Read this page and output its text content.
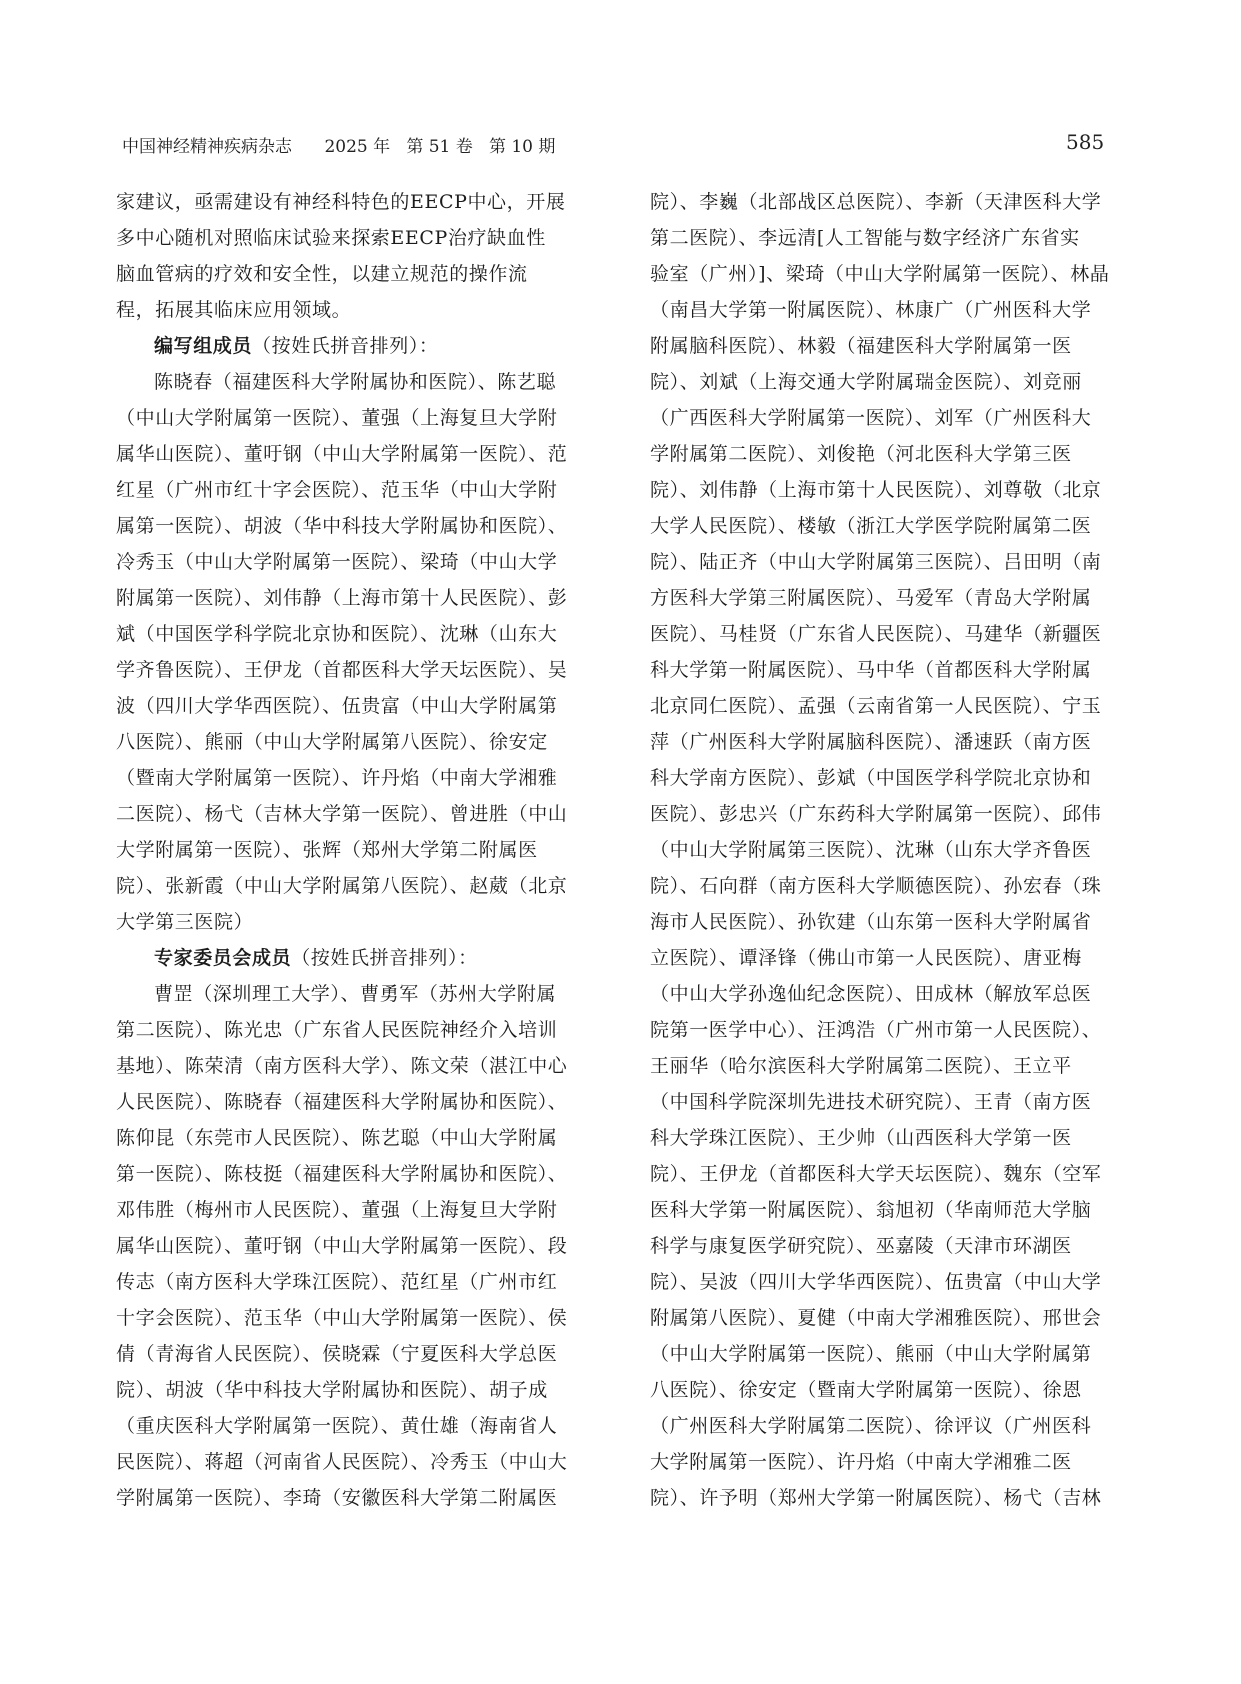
中国神经精神疾病杂志 2025 年   第 51 卷   第 10 期	585
家建议，亟需建设有神经科特色的EECP中心，开展
多中心随机对照临床试验来探索EECP治疗缺血性
脑血管病的疗效和安全性，以建立规范的操作流
程，拓展其临床应用领域。
编写组成员（按姓氏拼音排列）：
陈晓春（福建医科大学附属协和医院）、陈艺聪
（中山大学附属第一医院）、董强（上海复旦大学附
属华山医院）、董吁钢（中山大学附属第一医院）、范
红星（广州市红十字会医院）、范玉华（中山大学附
属第一医院）、胡波（华中科技大学附属协和医院）、
冷秀玉（中山大学附属第一医院）、梁琦（中山大学
附属第一医院）、刘伟静（上海市第十人民医院）、彭
斌（中国医学科学院北京协和医院）、沈琳（山东大
学齐鲁医院）、王伊龙（首都医科大学天坛医院）、吴
波（四川大学华西医院）、伍贵富（中山大学附属第
八医院）、熊丽（中山大学附属第八医院）、徐安定
（暨南大学附属第一医院）、许丹焰（中南大学湘雅
二医院）、杨弋（吉林大学第一医院）、曾进胜（中山
大学附属第一医院）、张辉（郑州大学第二附属医
院）、张新霞（中山大学附属第八医院）、赵葳（北京
大学第三医院）
专家委员会成员（按姓氏拼音排列）：
曹罡（深圳理工大学）、曹勇军（苏州大学附属
第二医院）、陈光忠（广东省人民医院神经介入培训
基地）、陈荣清（南方医科大学）、陈文荣（湛江中心
人民医院）、陈晓春（福建医科大学附属协和医院）、
陈仰昆（东莞市人民医院）、陈艺聪（中山大学附属
第一医院）、陈枝挺（福建医科大学附属协和医院）、
邓伟胜（梅州市人民医院）、董强（上海复旦大学附
属华山医院）、董吁钢（中山大学附属第一医院）、段
传志（南方医科大学珠江医院）、范红星（广州市红
十字会医院）、范玉华（中山大学附属第一医院）、侯
倩（青海省人民医院）、侯晓霖（宁夏医科大学总医
院）、胡波（华中科技大学附属协和医院）、胡子成
（重庆医科大学附属第一医院）、黄仕雄（海南省人
民医院）、蒋超（河南省人民医院）、冷秀玉（中山大
学附属第一医院）、李琦（安徽医科大学第二附属医
院）、李巍（北部战区总医院）、李新（天津医科大学
第二医院）、李远清[人工智能与数字经济广东省实
验室（广州）]、梁琦（中山大学附属第一医院）、林晶
（南昌大学第一附属医院）、林康广（广州医科大学
附属脑科医院）、林毅（福建医科大学附属第一医
院）、刘斌（上海交通大学附属瑞金医院）、刘竞丽
（广西医科大学附属第一医院）、刘军（广州医科大
学附属第二医院）、刘俊艳（河北医科大学第三医
院）、刘伟静（上海市第十人民医院）、刘尊敬（北京
大学人民医院）、楼敏（浙江大学医学院附属第二医
院）、陆正齐（中山大学附属第三医院）、吕田明（南
方医科大学第三附属医院）、马爱军（青岛大学附属
医院）、马桂贤（广东省人民医院）、马建华（新疆医
科大学第一附属医院）、马中华（首都医科大学附属
北京同仁医院）、孟强（云南省第一人民医院）、宁玉
萍（广州医科大学附属脑科医院）、潘速跃（南方医
科大学南方医院）、彭斌（中国医学科学院北京协和
医院）、彭忠兴（广东药科大学附属第一医院）、邱伟
（中山大学附属第三医院）、沈琳（山东大学齐鲁医
院）、石向群（南方医科大学顺德医院）、孙宏春（珠
海市人民医院）、孙钦建（山东第一医科大学附属省
立医院）、谭泽锋（佛山市第一人民医院）、唐亚梅
（中山大学孙逸仙纪念医院）、田成林（解放军总医
院第一医学中心）、汪鸿浩（广州市第一人民医院）、
王丽华（哈尔滨医科大学附属第二医院）、王立平
（中国科学院深圳先进技术研究院）、王青（南方医
科大学珠江医院）、王少帅（山西医科大学第一医
院）、王伊龙（首都医科大学天坛医院）、魏东（空军
医科大学第一附属医院）、翁旭初（华南师范大学脑
科学与康复医学研究院）、巫嘉陵（天津市环湖医
院）、吴波（四川大学华西医院）、伍贵富（中山大学
附属第八医院）、夏健（中南大学湘雅医院）、邢世会
（中山大学附属第一医院）、熊丽（中山大学附属第
八医院）、徐安定（暨南大学附属第一医院）、徐恩
（广州医科大学附属第二医院）、徐评议（广州医科
大学附属第一医院）、许丹焰（中南大学湘雅二医
院）、许予明（郑州大学第一附属医院）、杨弋（吉林
